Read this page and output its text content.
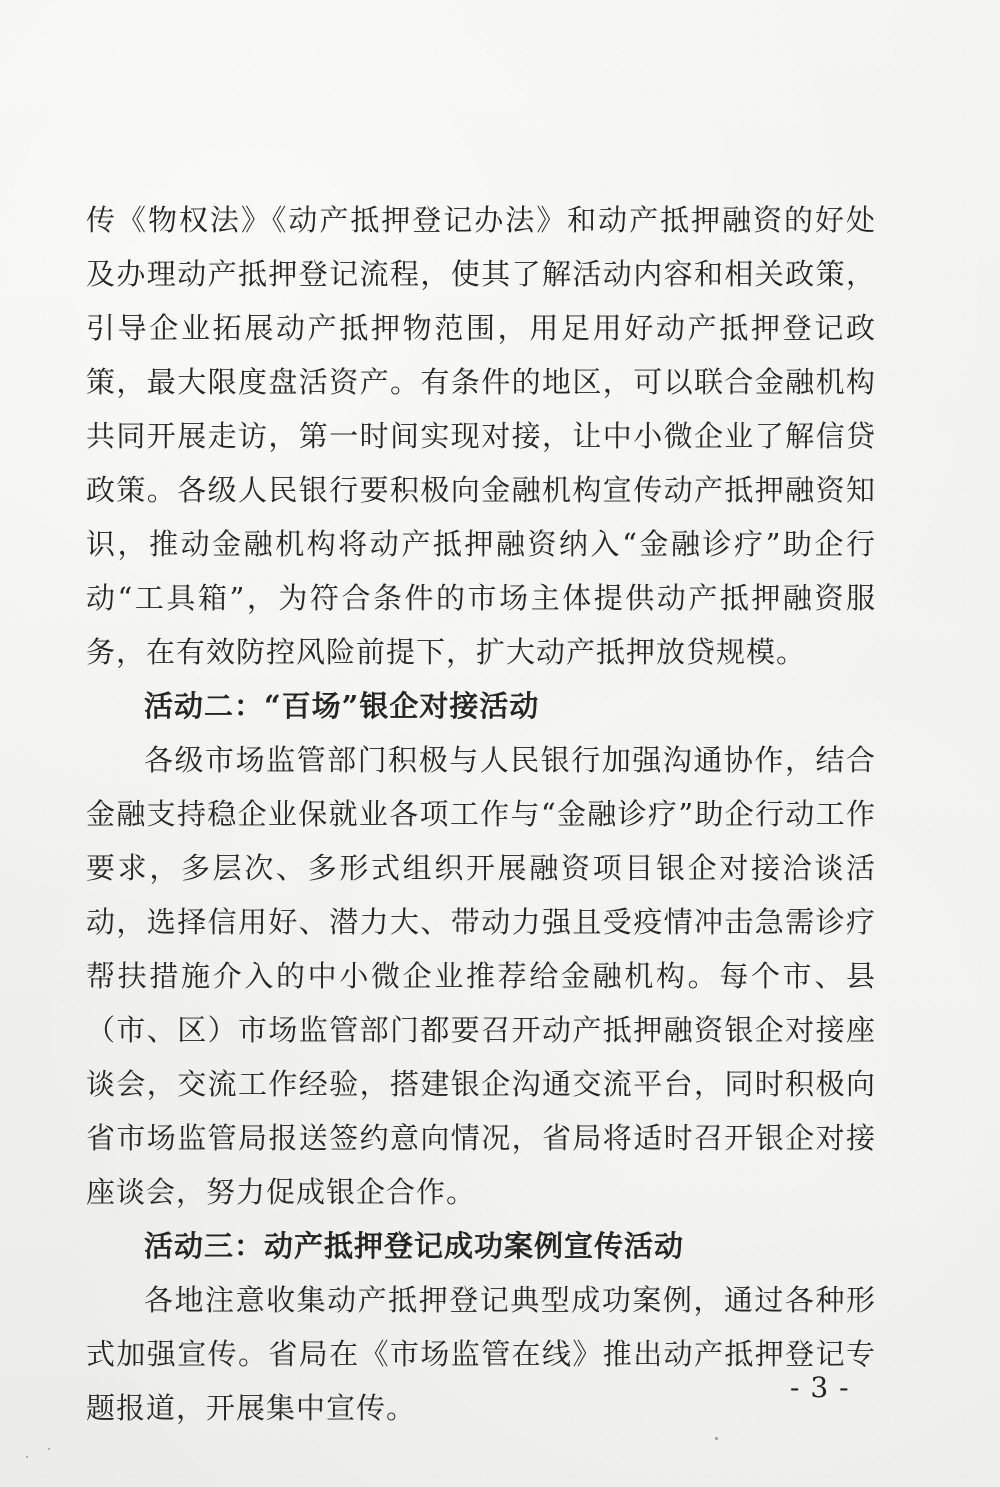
传《物权法》《动产抵押登记办法》和动产抵押融资的好处及办理动产抵押登记流程，使其了解活动内容和相关政策，引导企业拓展动产抵押物范围，用足用好动产抵押登记政策，最大限度盘活资产。有条件的地区，可以联合金融机构共同开展走访，第一时间实现对接，让中小微企业了解信贷政策。各级人民银行要积极向金融机构宣传动产抵押融资知识，推动金融机构将动产抵押融资纳入“金融诊疗”助企行动“工具箱”，为符合条件的市场主体提供动产抵押融资服务，在有效防控风险前提下，扩大动产抵押放贷规模。

活动二：“百场”银企对接活动

各级市场监管部门积极与人民银行加强沟通协作，结合金融支持稳企业保就业各项工作与“金融诊疗”助企行动工作要求，多层次、多形式组织开展融资项目银企对接洽谈活动，选择信用好、潜力大、带动力强且受疫情冲击急需诊疗帮扶措施介入的中小微企业推荐给金融机构。每个市、县（市、区）市场监管部门都要召开动产抵押融资银企对接座谈会，交流工作经验，搭建银企沟通交流平台，同时积极向省市场监管局报送签约意向情况，省局将适时召开银企对接座谈会，努力促成银企合作。

活动三：动产抵押登记成功案例宣传活动

各地注意收集动产抵押登记典型成功案例，通过各种形式加强宣传。省局在《市场监管在线》推出动产抵押登记专题报道，开展集中宣传。

- 3 -
